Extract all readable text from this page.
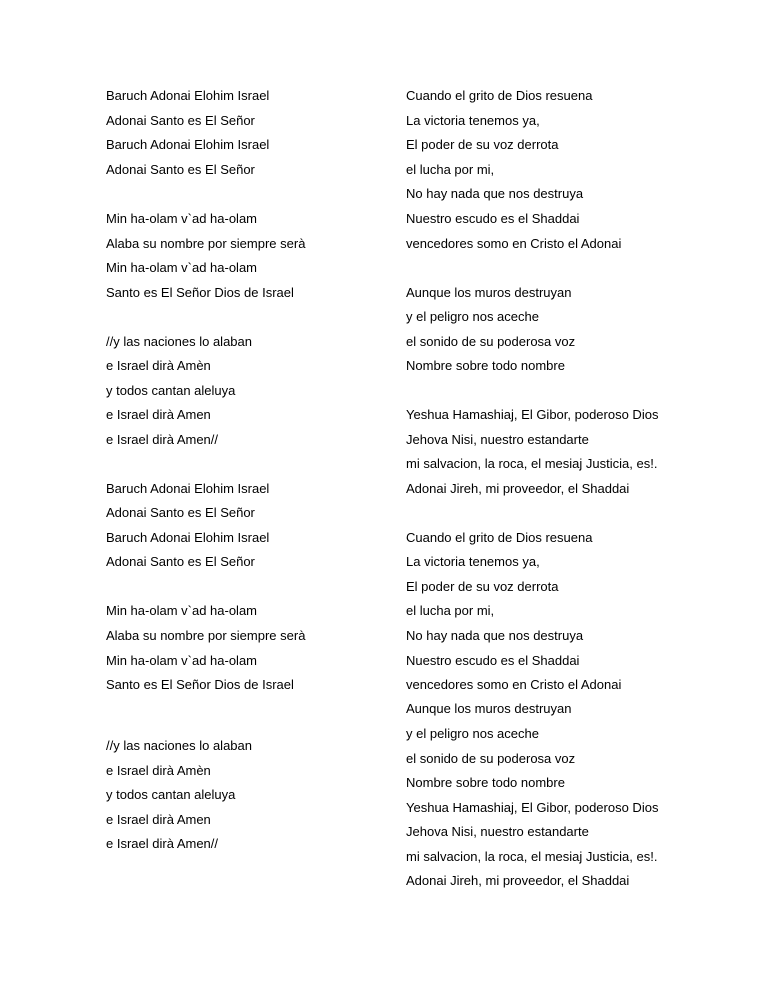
Baruch Adonai Elohim Israel
Adonai Santo es El Señor
Baruch Adonai Elohim Israel
Adonai Santo es El Señor
Min ha-olam v`ad ha-olam
Alaba su nombre por siempre serà
Min ha-olam v`ad ha-olam
Santo es El Señor Dios de Israel
//y las naciones lo alaban
e Israel dirà Amèn
y todos cantan aleluya
e Israel dirà Amen
e Israel dirà Amen//
Baruch Adonai Elohim Israel
Adonai Santo es El Señor
Baruch Adonai Elohim Israel
Adonai Santo es El Señor
Min ha-olam v`ad ha-olam
Alaba su nombre por siempre serà
Min ha-olam v`ad ha-olam
Santo es El Señor Dios de Israel
//y las naciones lo alaban
e Israel dirà Amèn
y todos cantan aleluya
e Israel dirà Amen
e Israel dirà Amen//
Cuando el grito de Dios resuena
La victoria tenemos ya,
El poder de su voz derrota
el lucha por mi,
No hay nada que nos destruya
Nuestro escudo es el Shaddai
vencedores somo en Cristo el Adonai
Aunque los muros destruyan
y el peligro nos aceche
el sonido de su poderosa voz
Nombre sobre todo nombre
Yeshua Hamashiaj, El Gibor, poderoso Dios
Jehova Nisi, nuestro estandarte
mi salvacion, la roca, el mesiaj Justicia, es!.
Adonai Jireh, mi proveedor, el Shaddai
Cuando el grito de Dios resuena
La victoria tenemos ya,
El poder de su voz derrota
el lucha por mi,
No hay nada que nos destruya
Nuestro escudo es el Shaddai
vencedores somo en Cristo el Adonai
Aunque los muros destruyan
y el peligro nos aceche
el sonido de su poderosa voz
Nombre sobre todo nombre
Yeshua Hamashiaj, El Gibor, poderoso Dios
Jehova Nisi, nuestro estandarte
mi salvacion, la roca, el mesiaj Justicia, es!.
Adonai Jireh, mi proveedor, el Shaddai
